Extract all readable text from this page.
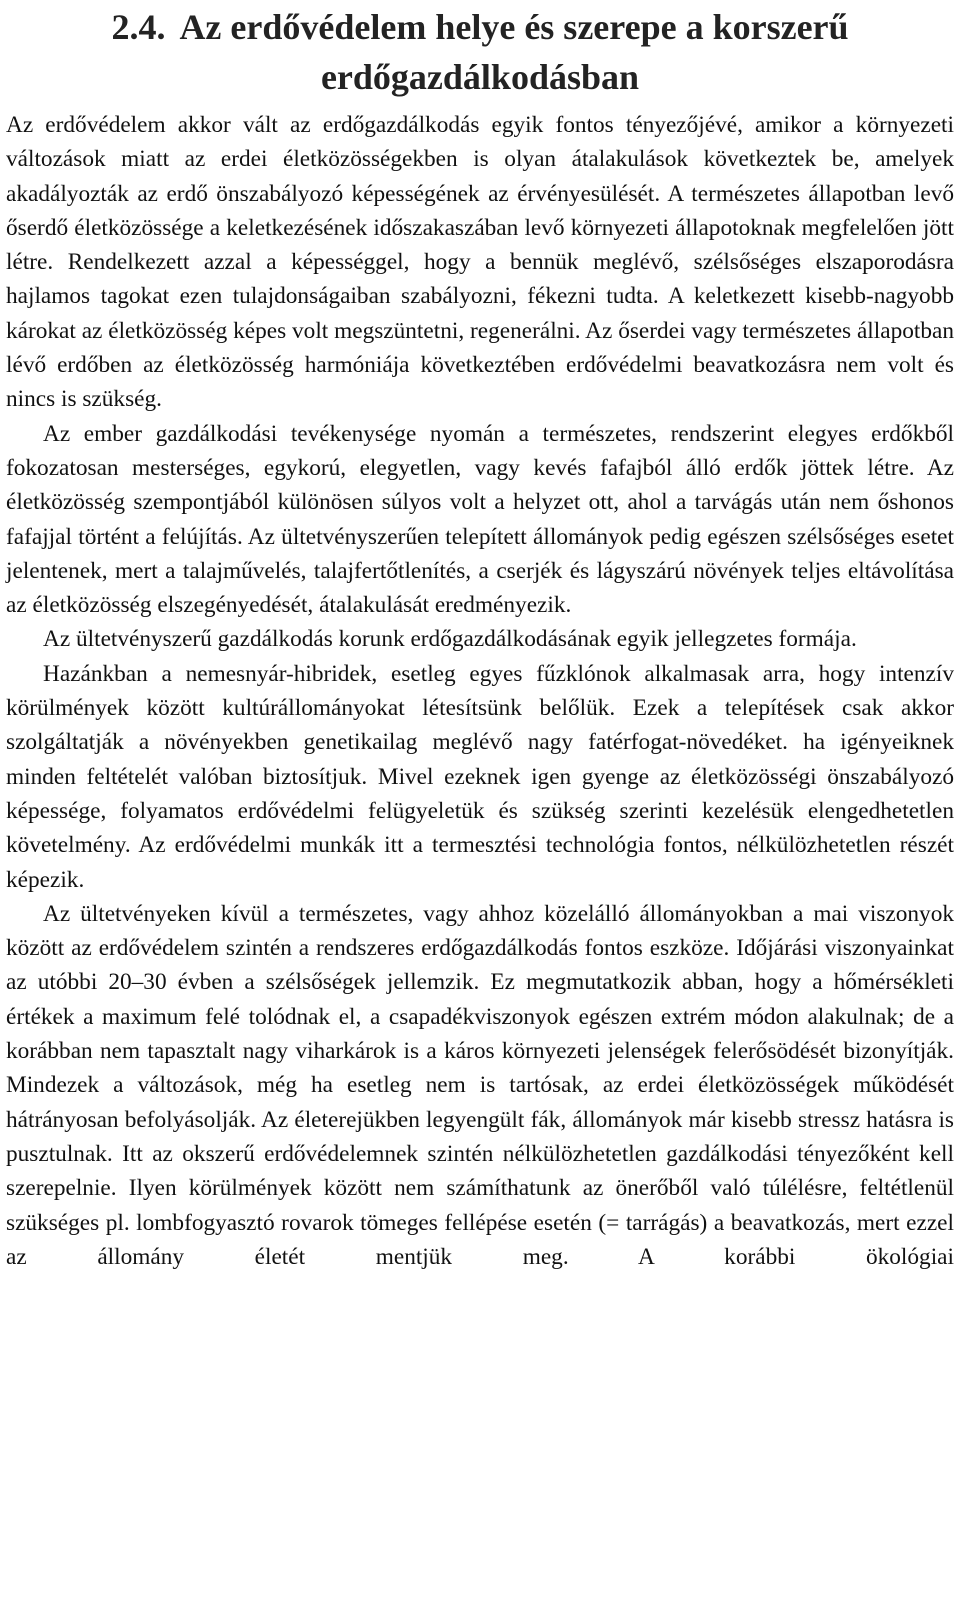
2.4. Az erdővédelem helye és szerepe a korszerű erdőgazdálkodásban

Az erdővédelem akkor vált az erdőgazdálkodás egyik fontos tényezőjévé, amikor a környezeti változások miatt az erdei életközösségekben is olyan átalakulások következtek be, amelyek akadályozták az erdő önszabályozó képességének az érvényesülését. A természetes állapotban levő őserdő életközössége a keletkezésének időszakaszában levő környezeti állapotoknak megfelelően jött létre. Rendelkezett azzal a képességgel, hogy a bennük meglévő, szélsőséges elszaporodásra hajlamos tagokat ezen tulajdonságaiban szabályozni, fékezni tudta. A keletkezett kisebb-nagyobb károkat az életközösség képes volt megszüntetni, regenerálni. Az őserdei vagy természetes állapotban lévő erdőben az életközösség harmóniája következtében erdővédelmi beavatkozásra nem volt és nincs is szükség.

Az ember gazdálkodási tevékenysége nyomán a természetes, rendszerint elegyes erdőkből fokozatosan mesterséges, egykorú, elegyetlen, vagy kevés fafajból álló erdők jöttek létre. Az életközösség szempontjából különösen súlyos volt a helyzet ott, ahol a tarvágás után nem őshonos fafajjal történt a felújítás. Az ültetvényszerűen telepített állományok pedig egészen szélsőséges esetet jelentenek, mert a talajművelés, talajfertőtlenítés, a cserjék és lágyszárú növények teljes eltávolítása az életközösség elszegényedését, átalakulását eredményezik.

Az ültetvényszerű gazdálkodás korunk erdőgazdálkodásának egyik jellegzetes formája.

Hazánkban a nemesnyár-hibridek, esetleg egyes fűzklónok alkalmasak arra, hogy intenzív körülmények között kultúrállományokat létesítsünk belőlük. Ezek a telepítések csak akkor szolgáltatják a növényekben genetikailag meglévő nagy fatérfogat-növedéket. ha igényeiknek minden feltételét valóban biztosítjuk. Mivel ezeknek igen gyenge az életközösségi önszabályozó képessége, folyamatos erdővédelmi felügyeletük és szükség szerinti kezelésük elengedhetetlen követelmény. Az erdővédelmi munkák itt a termesztési technológia fontos, nélkülözhetetlen részét képezik.

Az ültetvényeken kívül a természetes, vagy ahhoz közelálló állományokban a mai viszonyok között az erdővédelem szintén a rendszeres erdőgazdálkodás fontos eszköze. Időjárási viszonyainkat az utóbbi 20–30 évben a szélsőségek jellemzik. Ez megmutatkozik abban, hogy a hőmérsékleti értékek a maximum felé tolódnak el, a csapadékviszonyok egészen extrém módon alakulnak; de a korábban nem tapasztalt nagy viharkárok is a káros környezeti jelenségek felerősödését bizonyítják. Mindezek a változások, még ha esetleg nem is tartósak, az erdei életközösségek működését hátrányosan befolyásolják. Az életerejükben legyengült fák, állományok már kisebb stressz hatásra is pusztulnak. Itt az okszerű erdővédelemnek szintén nélkülözhetetlen gazdálkodási tényezőként kell szerepelnie. Ilyen körülmények között nem számíthatunk az önerőből való túlélésre, feltétlenül szükséges pl. lombfogyasztó rovarok tömeges fellépése esetén (= tarrágás) a beavatkozás, mert ezzel az állomány életét mentjük meg. A korábbi ökológiai
